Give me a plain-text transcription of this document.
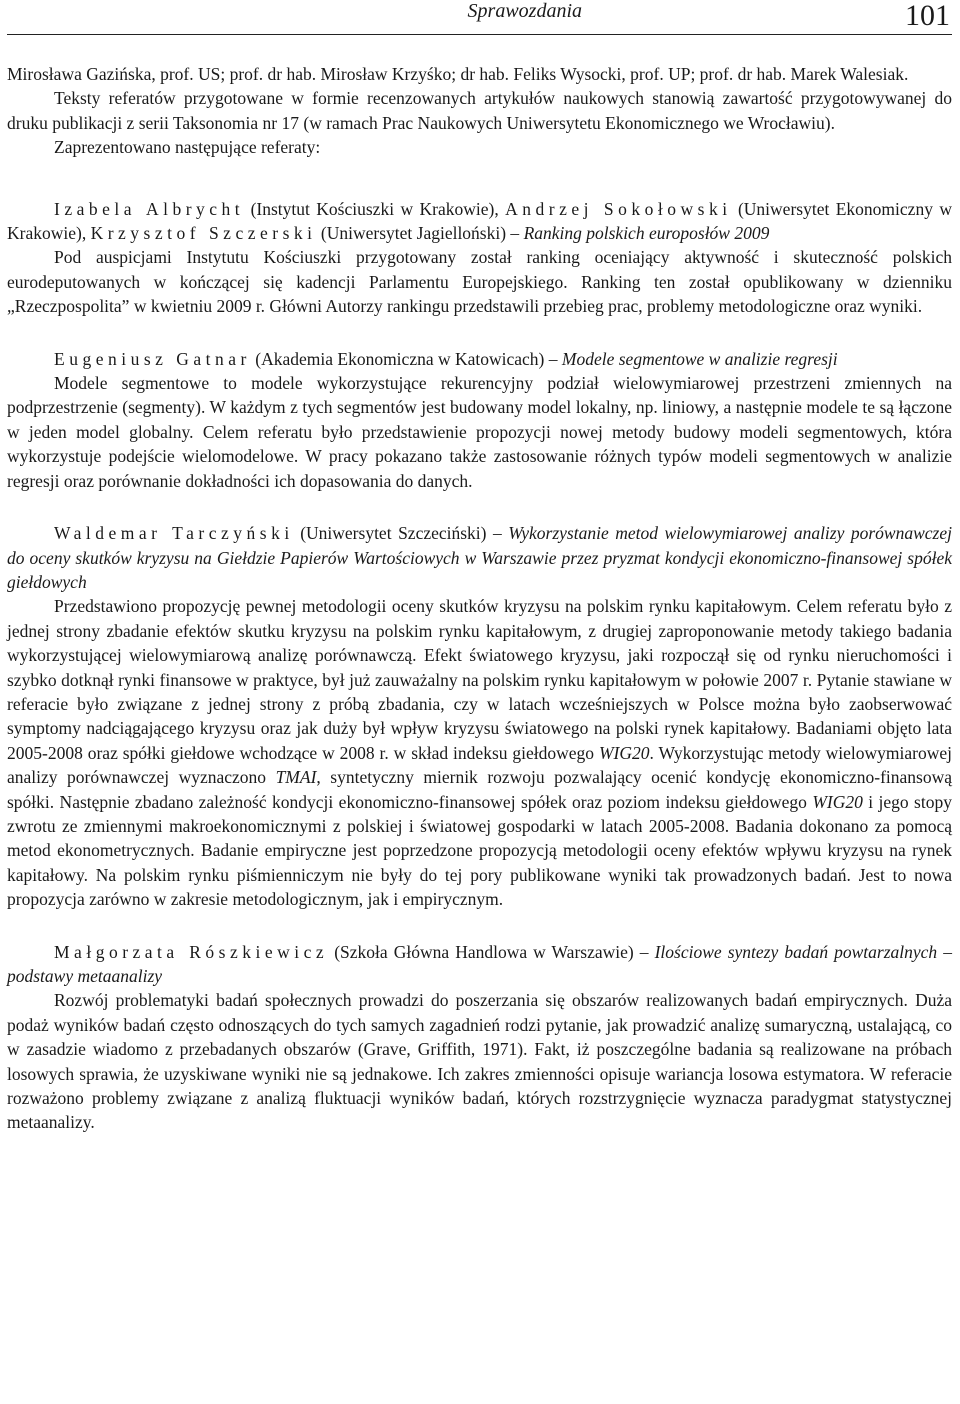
Sprawozdania	101

Mirosława Gazińska, prof. US; prof. dr hab. Mirosław Krzyśko; dr hab. Feliks Wysocki, prof. UP; prof. dr hab. Marek Walesiak.

Teksty referatów przygotowane w formie recenzowanych artykułów naukowych stanowią zawartość przygotowywanej do druku publikacji z serii Taksonomia nr 17 (w ramach Prac Naukowych Uniwersytetu Ekonomicznego we Wrocławiu).

Zaprezentowano następujące referaty:

Izabela Albrycht (Instytut Kościuszki w Krakowie), Andrzej Sokołowski (Uniwersytet Ekonomiczny w Krakowie), Krzysztof Szczerski (Uniwersytet Jagielloński) – Ranking polskich europosłów 2009

Pod auspicjami Instytutu Kościuszki przygotowany został ranking oceniający aktywność i skuteczność polskich eurodeputowanych w kończącej się kadencji Parlamentu Europejskiego. Ranking ten został opublikowany w dzienniku „Rzeczpospolita” w kwietniu 2009 r. Główni Autorzy rankingu przedstawili przebieg prac, problemy metodologiczne oraz wyniki.

Eugeniusz Gatnar (Akademia Ekonomiczna w Katowicach) – Modele segmentowe w analizie regresji

Modele segmentowe to modele wykorzystujące rekurencyjny podział wielowymiarowej przestrzeni zmiennych na podprzestrzenie (segmenty). W każdym z tych segmentów jest budowany model lokalny, np. liniowy, a następnie modele te są łączone w jeden model globalny. Celem referatu było przedstawienie propozycji nowej metody budowy modeli segmentowych, która wykorzystuje podejście wielomodelowe. W pracy pokazano także zastosowanie różnych typów modeli segmentowych w analizie regresji oraz porównanie dokładności ich dopasowania do danych.

Waldemar Tarczyński (Uniwersytet Szczeciński) – Wykorzystanie metod wielowymiarowej analizy porównawczej do oceny skutków kryzysu na Giełdzie Papierów Wartościowych w Warszawie przez pryzmat kondycji ekonomiczno-finansowej spółek giełdowych

Przedstawiono propozycję pewnej metodologii oceny skutków kryzysu na polskim rynku kapitałowym. Celem referatu było z jednej strony zbadanie efektów skutku kryzysu na polskim rynku kapitałowym, z drugiej zaproponowanie metody takiego badania wykorzystującej wielowymiarową analizę porównawczą. Efekt światowego kryzysu, jaki rozpoczął się od rynku nieruchomości i szybko dotknął rynki finansowe w praktyce, był już zauważalny na polskim rynku kapitałowym w połowie 2007 r. Pytanie stawiane w referacie było związane z jednej strony z próbą zbadania, czy w latach wcześniejszych w Polsce można było zaobserwować symptomy nadciągającego kryzysu oraz jak duży był wpływ kryzysu światowego na polski rynek kapitałowy. Badaniami objęto lata 2005-2008 oraz spółki giełdowe wchodzące w 2008 r. w skład indeksu giełdowego WIG20. Wykorzystując metody wielowymiarowej analizy porównawczej wyznaczono TMAI, syntetyczny miernik rozwoju pozwalający ocenić kondycję ekonomiczno-finansową spółki. Następnie zbadano zależność kondycji ekonomiczno-finansowej spółek oraz poziom indeksu giełdowego WIG20 i jego stopy zwrotu ze zmiennymi makroekonomicznymi z polskiej i światowej gospodarki w latach 2005-2008. Badania dokonano za pomocą metod ekonometrycznych. Badanie empiryczne jest poprzedzone propozycją metodologii oceny efektów wpływu kryzysu na rynek kapitałowy. Na polskim rynku piśmienniczym nie były do tej pory publikowane wyniki tak prowadzonych badań. Jest to nowa propozycja zarówno w zakresie metodologicznym, jak i empirycznym.

Małgorzata Rószkiewicz (Szkoła Główna Handlowa w Warszawie) – Ilościowe syntezy badań powtarzalnych – podstawy metaanalizy

Rozwój problematyki badań społecznych prowadzi do poszerzania się obszarów realizowanych badań empirycznych. Duża podaż wyników badań często odnoszących do tych samych zagadnień rodzi pytanie, jak prowadzić analizę sumaryczną, ustalającą, co w zasadzie wiadomo z przebadanych obszarów (Grave, Griffith, 1971). Fakt, iż poszczególne badania są realizowane na próbach losowych sprawia, że uzyskiwane wyniki nie są jednakowe. Ich zakres zmienności opisuje wariancja losowa estymatora. W referacie rozważono problemy związane z analizą fluktuacji wyników badań, których rozstrzygnięcie wyznacza paradygmat statystycznej metaanalizy.
